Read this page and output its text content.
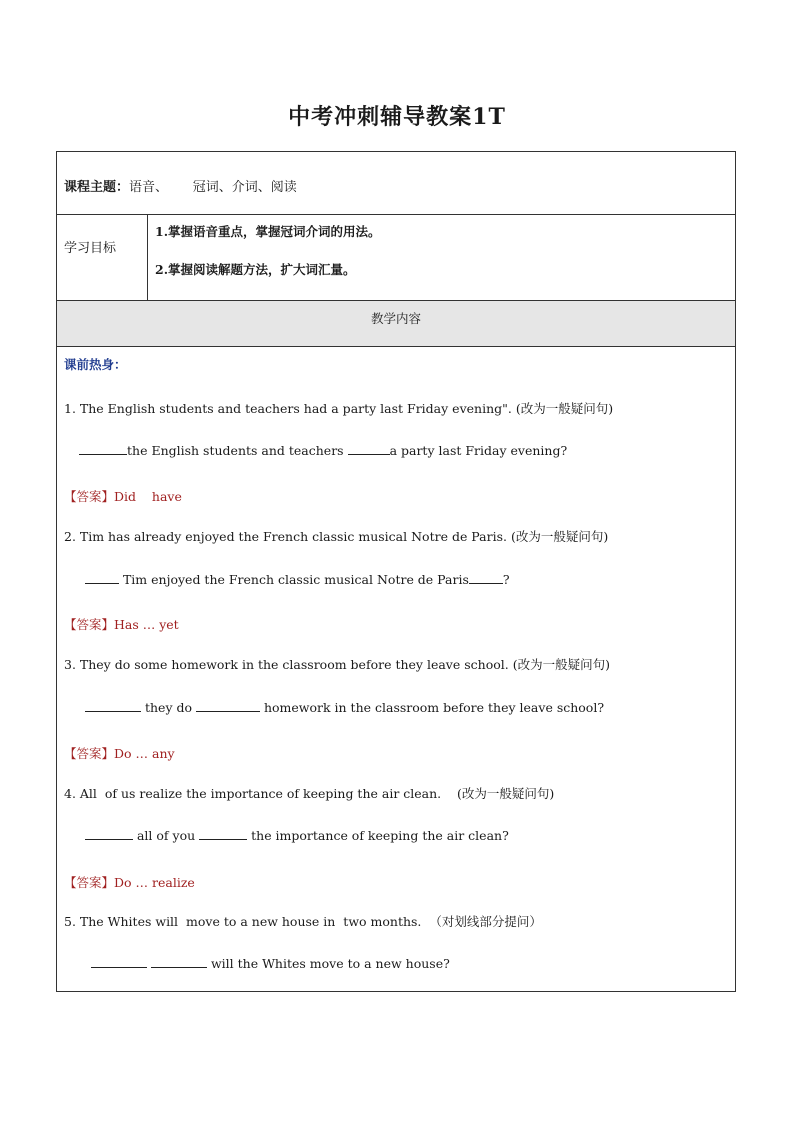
中考冲刺辅导教案1T
课程主题：语音、      冠词、介词、阅读
学习目标
1.掌握语音重点，掌握冠词介词的用法。
2.掌握阅读解题方法，扩大词汇量。
教学内容
课前热身：
1. The English students and teachers had a party last Friday evening". (改为一般疑问句)
the English students and teachers	a party last Friday evening?
【答案】Did    have
2. Tim has already enjoyed the French classic musical Notre de Paris. (改为一般疑问句)
Tim enjoyed the French classic musical Notre de Paris	?
【答案】Has … yet
3. They do some homework in the classroom before they leave school. (改为一般疑问句)
they do	homework in the classroom before they leave school?
【答案】Do … any
4. All  of us realize the importance of keeping the air clean.    (改为一般疑问句)
all of you	the importance of keeping the air clean?
【答案】Do … realize
5. The Whites will  move to a new house in  two months.  （对划线部分提问）
will the Whites move to a new house?
